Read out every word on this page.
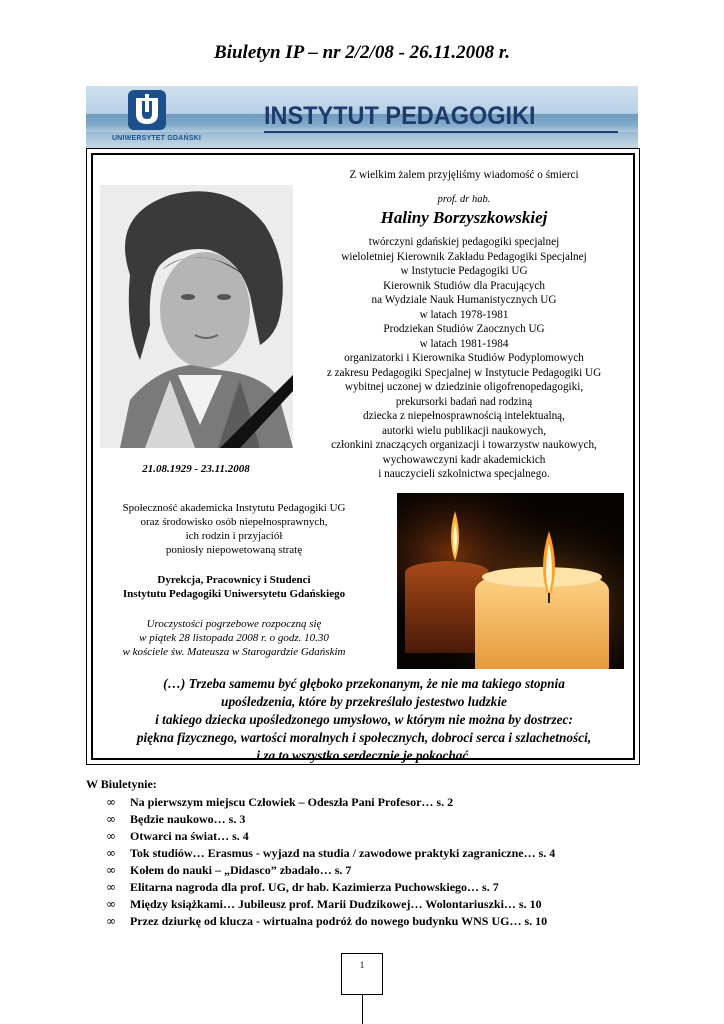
Biuletyn IP – nr 2/2/08 - 26.11.2008 r.
UNIWERSYTET GDAŃSKI
INSTYTUT PEDAGOGIKI
21.08.1929 - 23.11.2008
Z wielkim żalem przyjęliśmy wiadomość o śmierci
prof. dr hab.
Haliny Borzyszkowskiej
twórczyni gdańskiej pedagogiki specjalnej
wieloletniej Kierownik Zakładu Pedagogiki Specjalnej
w Instytucie Pedagogiki UG
Kierownik Studiów dla Pracujących
na Wydziale Nauk Humanistycznych UG
w latach 1978-1981
Prodziekan Studiów Zaocznych UG
w latach 1981-1984
organizatorki i Kierownika Studiów Podyplomowych
z zakresu Pedagogiki Specjalnej w Instytucie Pedagogiki UG
wybitnej uczonej w dziedzinie oligofrenopedagogiki,
prekursorki badań nad rodziną
dziecka z niepełnosprawnością intelektualną,
autorki wielu publikacji naukowych,
członkini znaczących organizacji i towarzystw naukowych,
wychowawczyni kadr akademickich
i nauczycieli szkolnictwa specjalnego.
Społeczność akademicka Instytutu Pedagogiki UG
oraz środowisko osób niepełnosprawnych,
ich rodzin i przyjaciół
poniosły niepowetowaną stratę
Dyrekcja, Pracownicy i Studenci
Instytutu Pedagogiki Uniwersytetu Gdańskiego
Uroczystości pogrzebowe rozpoczną się
w piątek 28 listopada 2008 r. o godz. 10.30
w kościele św. Mateusza w Starogardzie Gdańskim
(…) Trzeba samemu być głęboko przekonanym, że nie ma takiego stopnia
upośledzenia, które by przekreślało jestestwo ludzkie
i takiego dziecka upośledzonego umysłowo, w którym nie można by dostrzec:
piękna fizycznego, wartości moralnych i społecznych, dobroci serca i szlachetności,
i za to wszystko serdecznie je pokochać.
W Biuletynie:
∞	Na pierwszym miejscu Człowiek – Odeszła Pani Profesor… s. 2
∞	Będzie naukowo… s. 3
∞	Otwarci na świat… s. 4
∞	Tok studiów… Erasmus - wyjazd na studia / zawodowe praktyki zagraniczne… s. 4
∞	Kołem do nauki – „Didasco” zbadało… s. 7
∞	Elitarna nagroda dla prof. UG, dr hab. Kazimierza Puchowskiego… s. 7
∞	Między książkami… Jubileusz prof. Marii Dudzikowej… Wolontariuszki… s. 10
∞	Przez dziurkę od klucza - wirtualna podróż do nowego budynku WNS UG… s. 10
1
